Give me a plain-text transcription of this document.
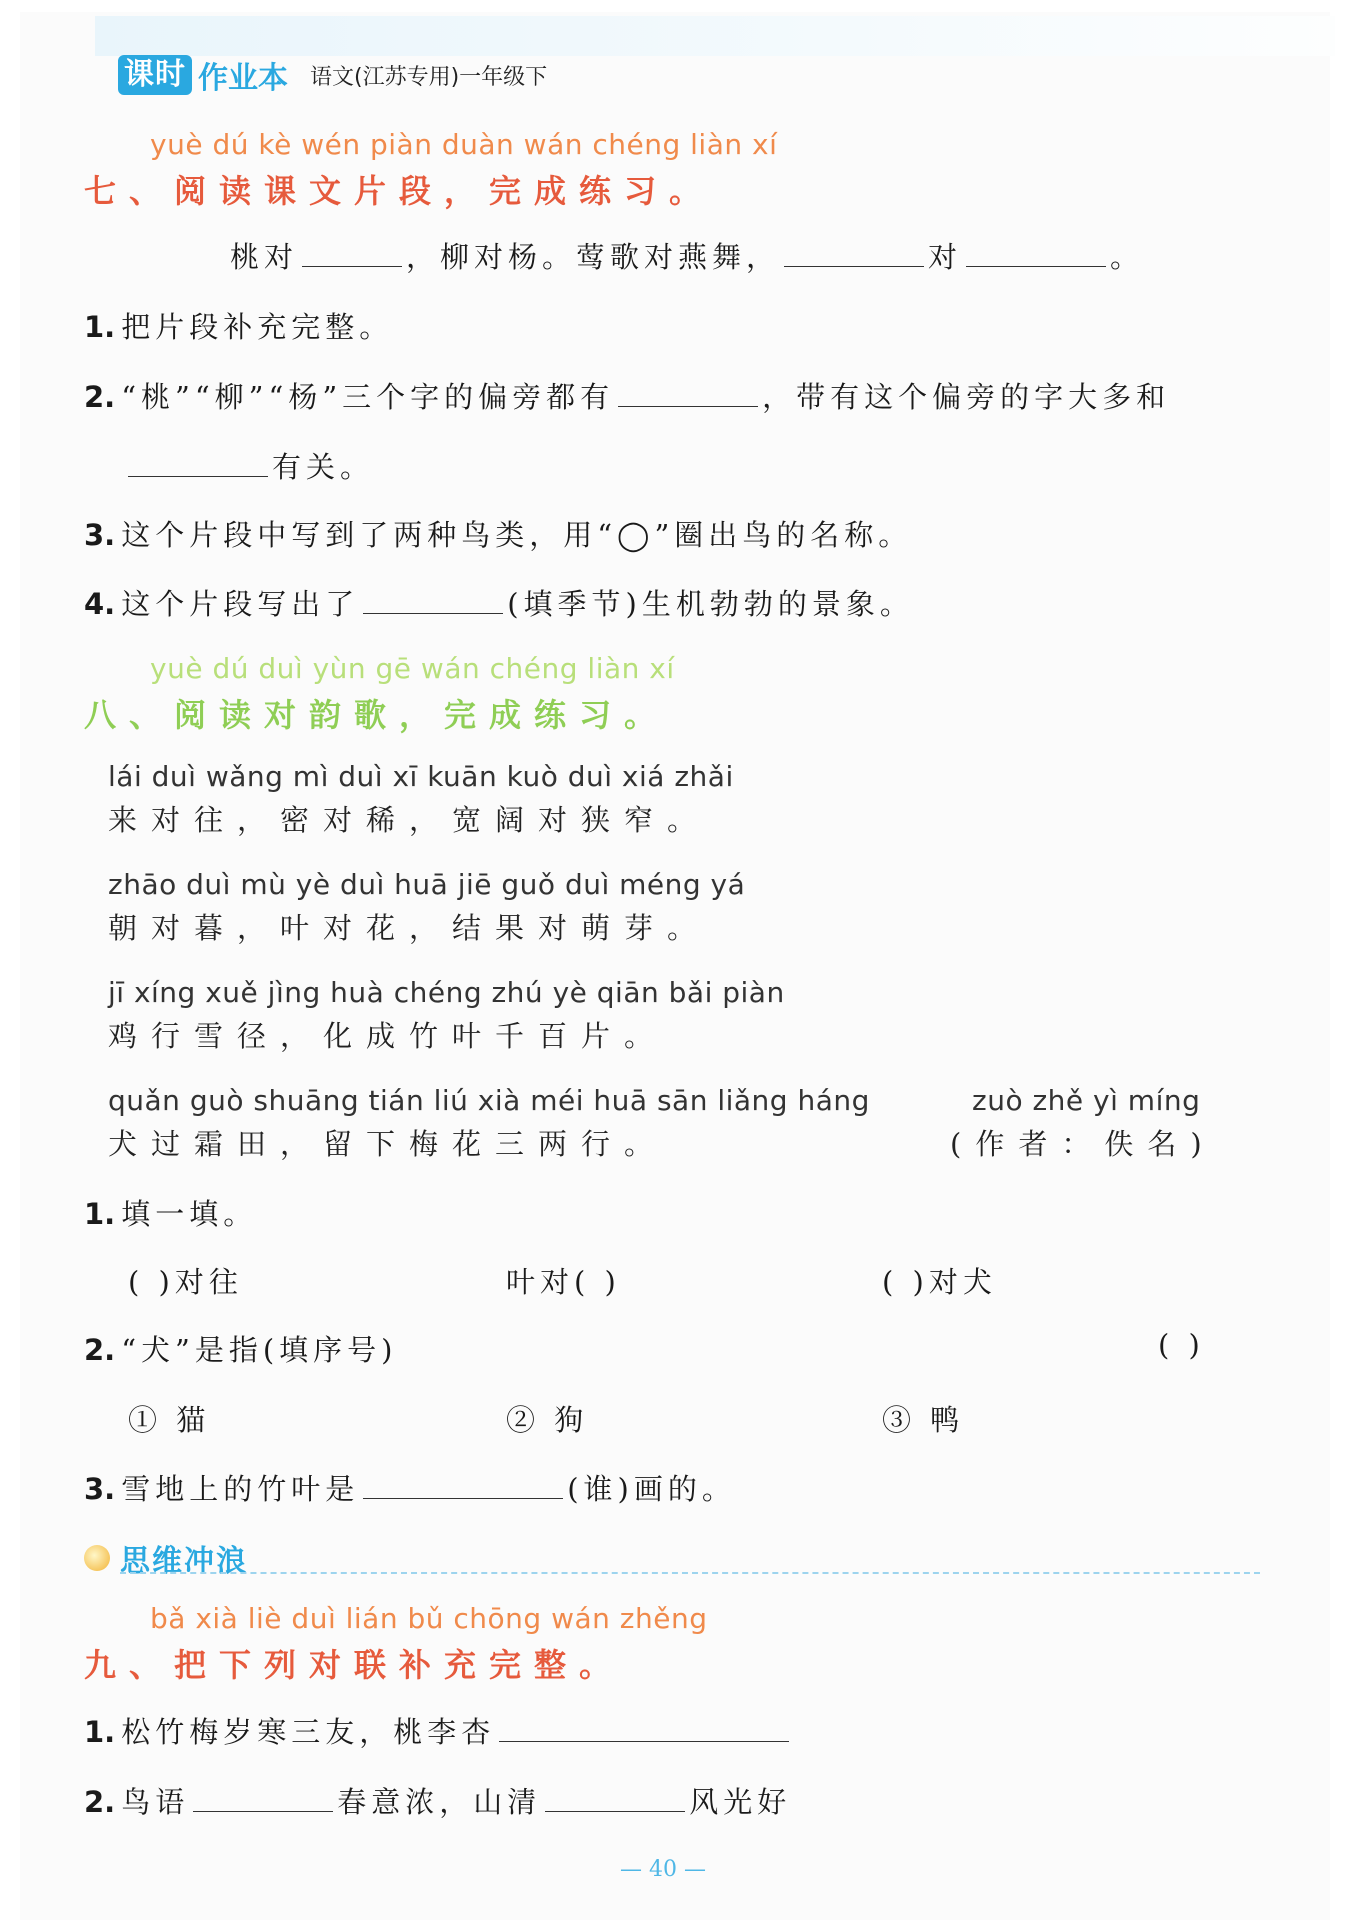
课时 作业本 语文(江苏专用)一年级下
yuè dú kè wén piàn duàn wán chéng liàn xí
七、阅读课文片段，完成练习。
桃对	，柳对杨。莺歌对燕舞，	对	。
1. 把片段补充完整。
2. “桃”“柳”“杨”三个字的偏旁都有	，带有这个偏旁的字大多和
有关。
3. 这个片段中写到了两种鸟类，用“◯”圈出鸟的名称。
4. 这个片段写出了	(填季节)生机勃勃的景象。
yuè dú duì yùn gē wán chéng liàn xí
八、阅读对韵歌，完成练习。
lái duì wǎng mì duì xī kuān kuò duì xiá zhǎi
来对往，密对稀，宽阔对狭窄。
zhāo duì mù yè duì huā jiē guǒ duì méng yá
朝对暮，叶对花，结果对萌芽。
jī xíng xuě jìng huà chéng zhú yè qiān bǎi piàn
鸡行雪径，化成竹叶千百片。
quǎn guò shuāng tián liú xià méi huā sān liǎng háng
犬过霜田，留下梅花三两行。
zuò zhě yì míng
(作者：佚名)
1. 填一填。
( )对往	叶对( )	( )对犬
2. “犬”是指(填序号)	( )
① 猫	② 狗	③ 鸭
3. 雪地上的竹叶是	(谁)画的。
思维冲浪
bǎ xià liè duì lián bǔ chōng wán zhěng
九、把下列对联补充完整。
1. 松竹梅岁寒三友，桃李杏
2. 鸟语	春意浓，山清	风光好
— 40 —
